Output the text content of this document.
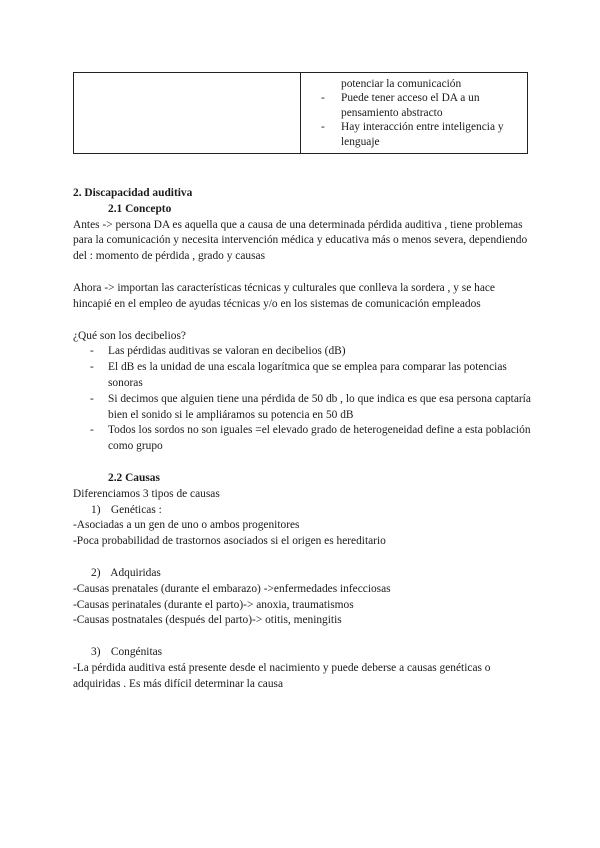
potenciar la comunicación
- Puede tener acceso el DA a un pensamiento abstracto
- Hay interacción entre inteligencia y lenguaje

2. Discapacidad auditiva

2.1 Concepto

Antes -> persona DA es aquella que a causa de una determinada pérdida auditiva , tiene problemas para la comunicación y necesita intervención médica y educativa más o menos severa, dependiendo del : momento de pérdida , grado y causas

Ahora -> importan las características técnicas y culturales que conlleva la sordera , y se hace hincapié en el empleo de ayudas técnicas y/o en los sistemas de comunicación empleados

¿Qué son los decibelios?

- Las pérdidas auditivas se valoran en decibelios (dB)
- El dB es la unidad de una escala logarítmica que se emplea para comparar las potencias sonoras
- Si decimos que alguien tiene una pérdida de 50 db , lo que indica es que esa persona captaría bien el sonido si le ampliáramos su potencia en 50 dB
- Todos los sordos no son iguales =el elevado grado de heterogeneidad define a esta población como grupo

2.2 Causas

Diferenciamos 3 tipos de causas

1) Genéticas :

-Asociadas a un gen de uno o ambos progenitores

-Poca probabilidad de trastornos asociados si el origen es hereditario

2) Adquiridas

-Causas prenatales (durante el embarazo) ->enfermedades infecciosas

-Causas perinatales (durante el parto)-> anoxia, traumatismos

-Causas postnatales (después del parto)-> otitis, meningitis

3) Congénitas

-La pérdida auditiva está presente desde el nacimiento y puede deberse a causas genéticas o adquiridas . Es más difícil determinar la causa
